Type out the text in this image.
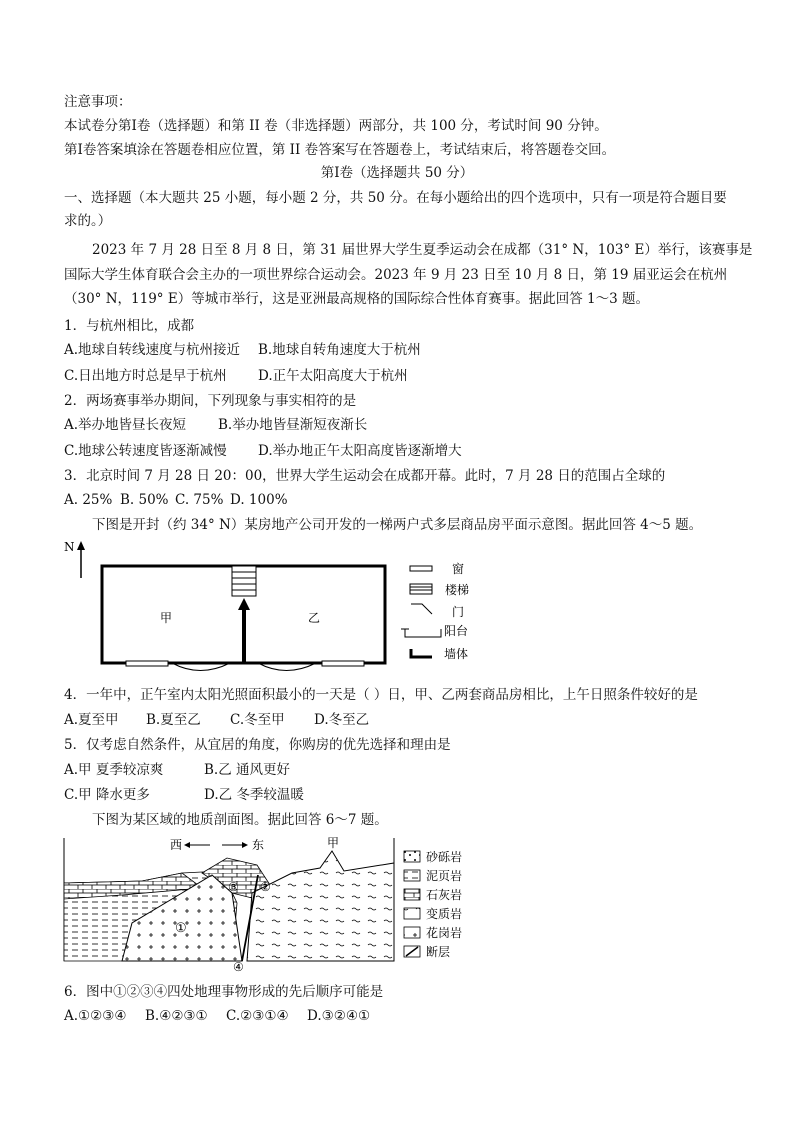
注意事项：
本试卷分第Ⅰ卷（选择题）和第 II 卷（非选择题）两部分，共 100 分，考试时间 90 分钟。
第Ⅰ卷答案填涂在答题卷相应位置，第 II 卷答案写在答题卷上，考试结束后，将答题卷交回。
第Ⅰ卷（选择题共 50 分）
一、选择题（本大题共 25 小题，每小题 2 分，共 50 分。在每小题给出的四个选项中，只有一项是符合题目要
求的。）
2023 年 7 月 28 日至 8 月 8 日，第 31 届世界大学生夏季运动会在成都（31° N，103° E）举行，该赛事是
国际大学生体育联合会主办的一项世界综合运动会。2023 年 9 月 23 日至 10 月 8 日，第 19 届亚运会在杭州
（30° N，119° E）等城市举行，这是亚洲最高规格的国际综合性体育赛事。据此回答 1～3 题。
1．与杭州相比，成都
A.地球自转线速度与杭州接近 B.地球自转角速度大于杭州
C.日出地方时总是早于杭州 D.正午太阳高度大于杭州
2．两场赛事举办期间，下列现象与事实相符的是
A.举办地皆昼长夜短 B.举办地皆昼渐短夜渐长
C.地球公转速度皆逐渐减慢 D.举办地正午太阳高度皆逐渐增大
3．北京时间 7 月 28 日 20：00，世界大学生运动会在成都开幕。此时，7 月 28 日的范围占全球的
A. 25% B. 50% C. 75% D. 100%
下图是开封（约 34° N）某房地产公司开发的一梯两户式多层商品房平面示意图。据此回答 4～5 题。
N
甲	乙
窗
楼梯
门
阳台
墙体
4．一年中，正午室内太阳光照面积最小的一天是（ ）日，甲、乙两套商品房相比，上午日照条件较好的是
A.夏至甲 B.夏至乙 C.冬至甲 D.冬至乙
5．仅考虑自然条件，从宜居的角度，你购房的优先选择和理由是
A.甲 夏季较凉爽	B.乙 通风更好
C.甲 降水更多	D.乙 冬季较温暖
下图为某区域的地质剖面图。据此回答 6～7 题。
西	东	甲
①
②
③
④
砂砾岩
泥页岩
石灰岩
变质岩
花岗岩
断层
6．图中①②③④四处地理事物形成的先后顺序可能是
A.①②③④ B.④②③① C.②③①④ D.③②④①
